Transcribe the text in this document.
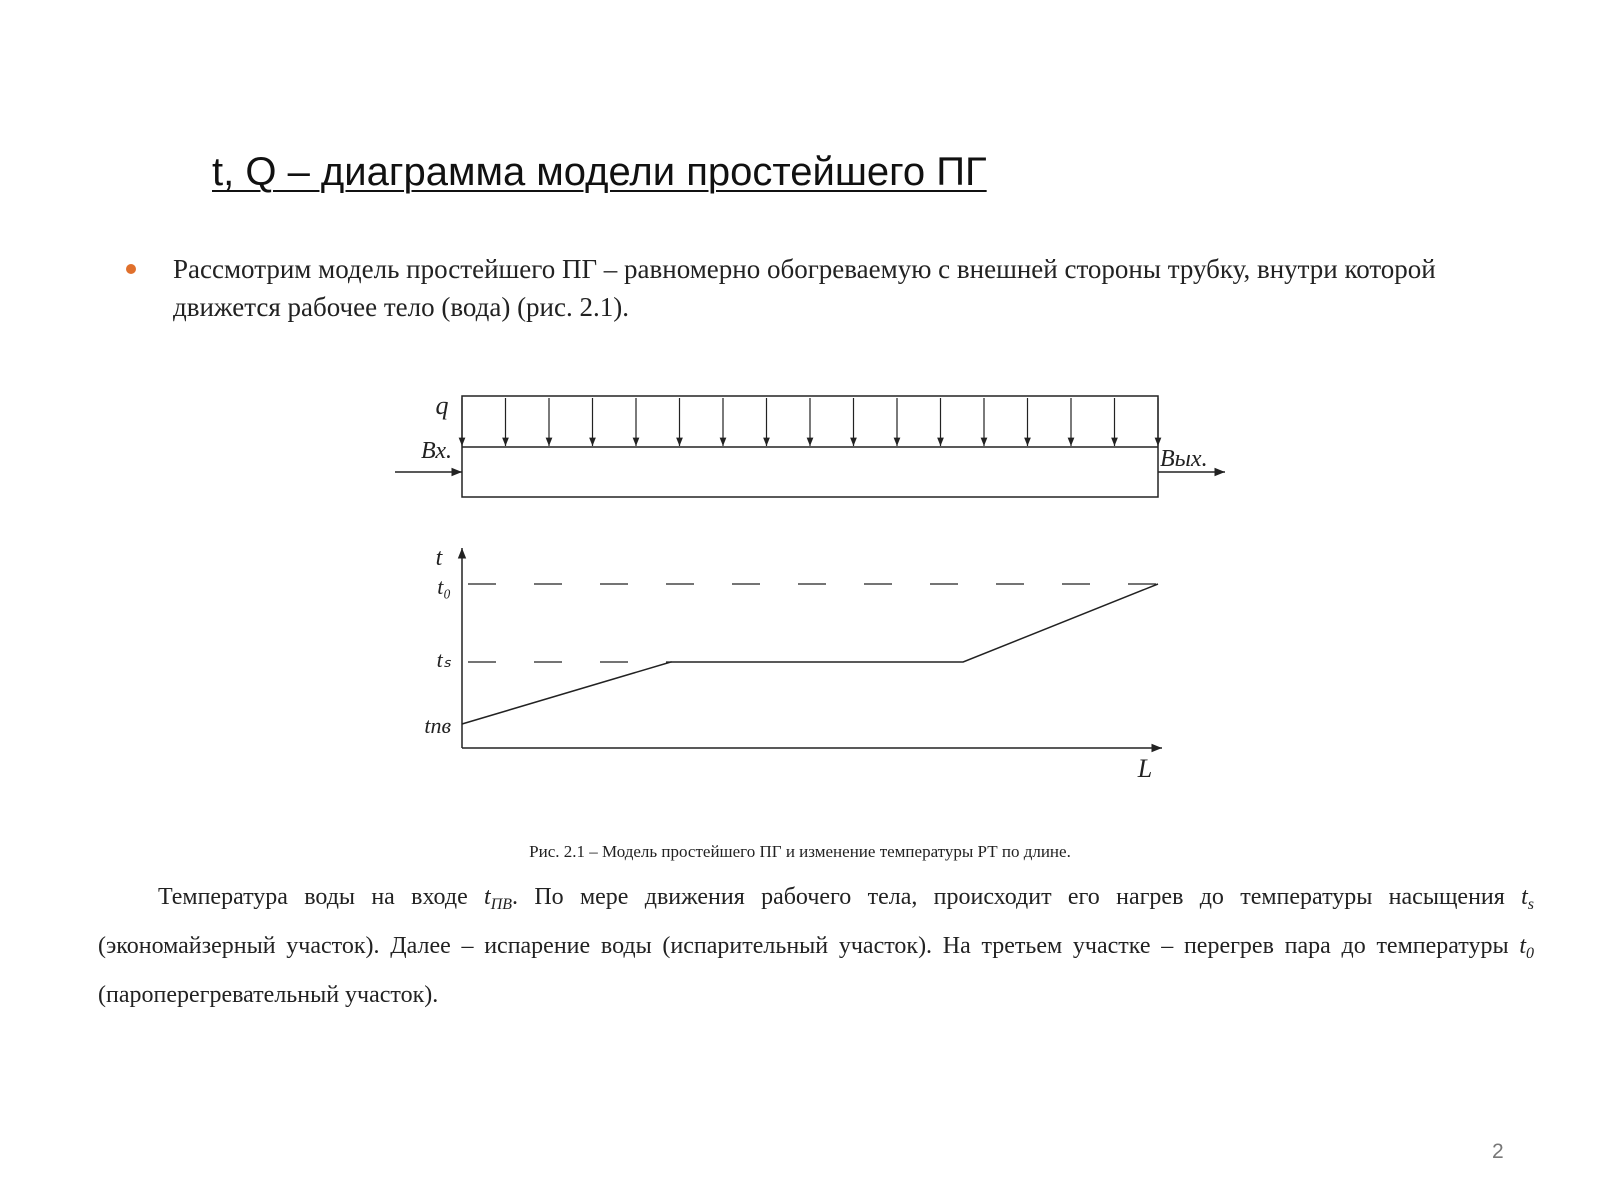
t, Q – диаграмма модели простейшего ПГ
Рассмотрим модель простейшего ПГ – равномерно обогреваемую с внешней стороны трубку, внутри которой движется рабочее тело (вода) (рис. 2.1).
q
Вх.	Вых.
t
L
t₀
tₛ
tпв
Рис. 2.1 – Модель простейшего ПГ и изменение температуры РТ по длине.
Температура воды на входе $t_{ПВ}$. По мере движения рабочего тела, происходит его нагрев до температуры насыщения $t_s$ (экономайзерный участок). Далее – испарение воды (испарительный участок). На третьем участке – перегрев пара до температуры $t_0$ (пароперегревательный участок).
2
